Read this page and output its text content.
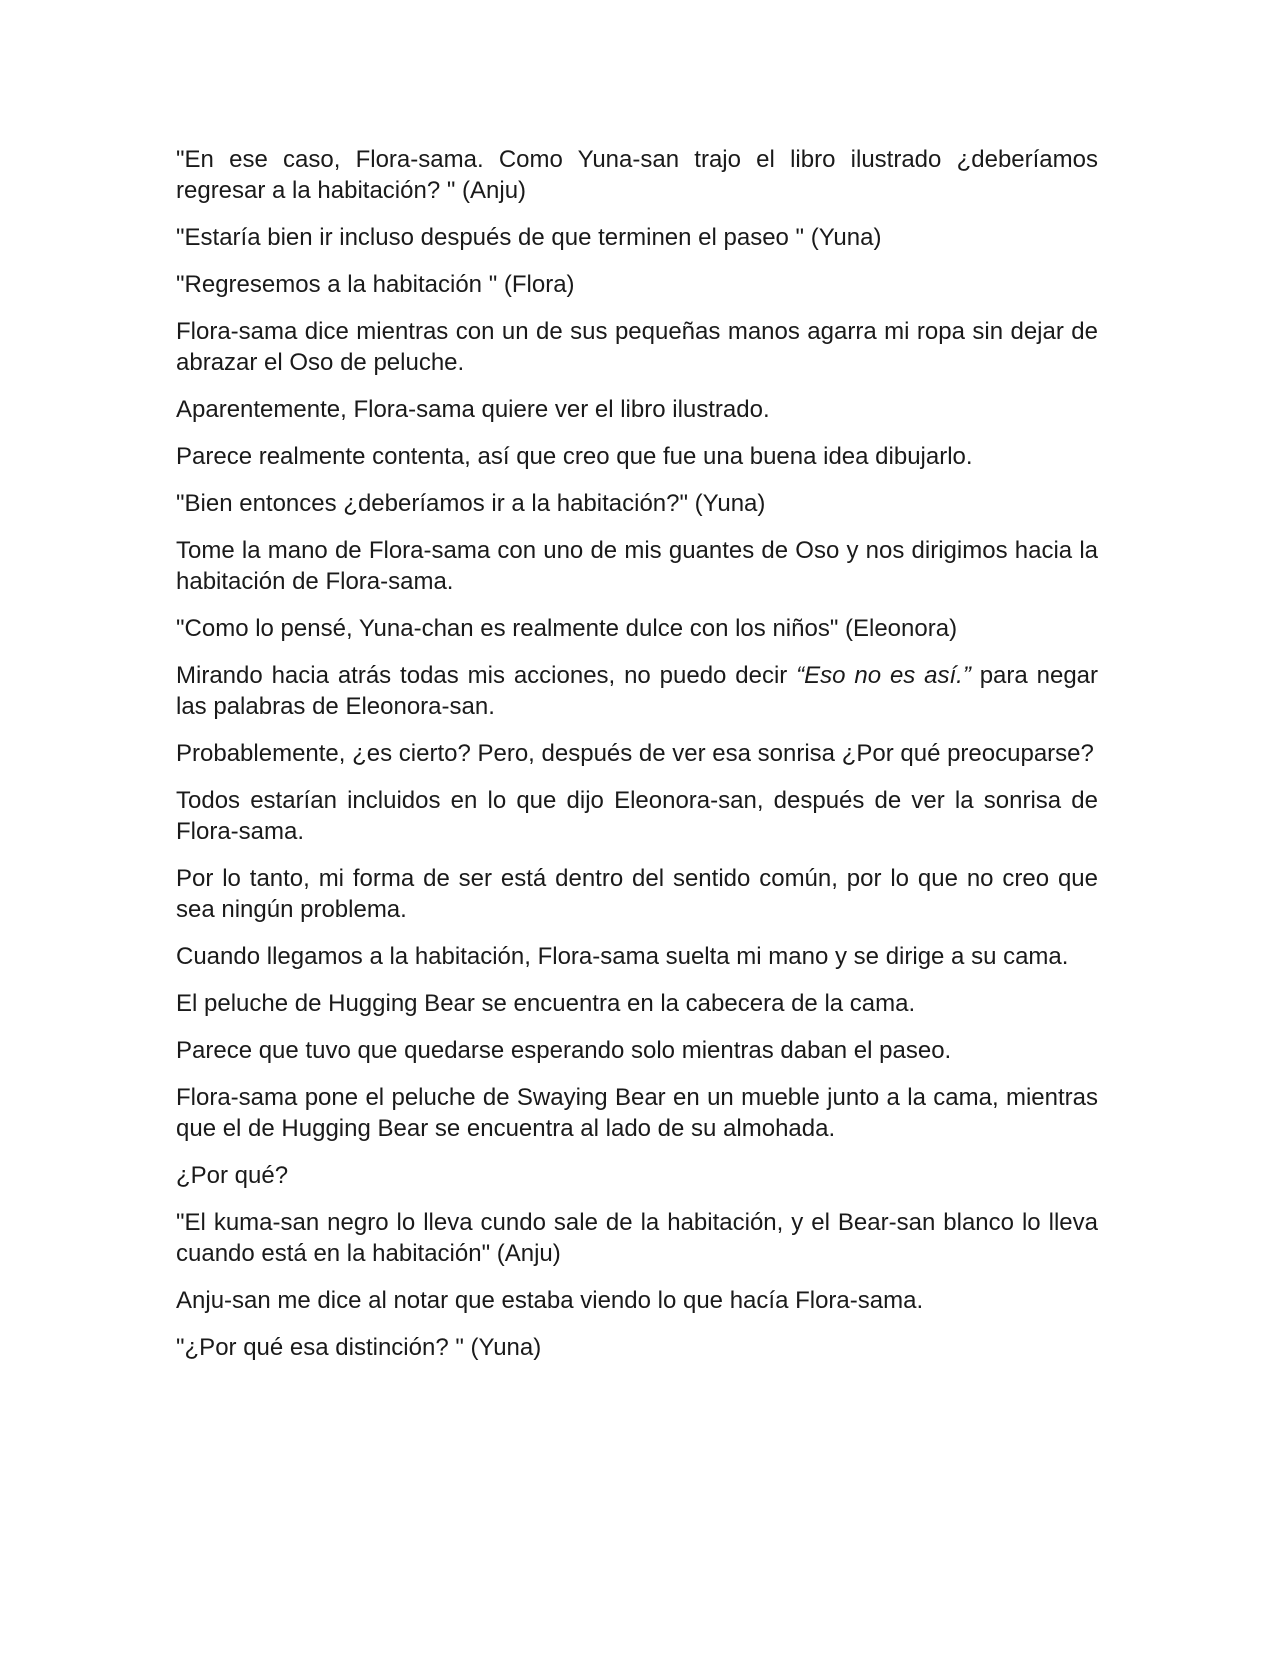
"En ese caso, Flora-sama. Como Yuna-san trajo el libro ilustrado ¿deberíamos regresar a la habitación? " (Anju)

"Estaría bien ir incluso después de que terminen el paseo " (Yuna)

"Regresemos a la habitación " (Flora)

Flora-sama dice mientras con un de sus pequeñas manos agarra mi ropa sin dejar de abrazar el Oso de peluche.

Aparentemente, Flora-sama quiere ver el libro ilustrado.

Parece realmente contenta, así que creo que fue una buena idea dibujarlo.

"Bien entonces ¿deberíamos ir a la habitación?" (Yuna)

Tome la mano de Flora-sama con uno de mis guantes de Oso y nos dirigimos hacia la habitación de Flora-sama.

"Como lo pensé, Yuna-chan es realmente dulce con los niños" (Eleonora)

Mirando hacia atrás todas mis acciones, no puedo decir “Eso no es así.” para negar las palabras de Eleonora-san.

Probablemente, ¿es cierto? Pero, después de ver esa sonrisa ¿Por qué preocuparse?

Todos estarían incluidos en lo que dijo Eleonora-san, después de ver la sonrisa de Flora-sama.

Por lo tanto, mi forma de ser está dentro del sentido común, por lo que no creo que sea ningún problema.

Cuando llegamos a la habitación, Flora-sama suelta mi mano y se dirige a su cama.

El peluche de Hugging Bear se encuentra en la cabecera de la cama.

Parece que tuvo que quedarse esperando solo mientras daban el paseo.

Flora-sama pone el peluche de Swaying Bear en un mueble junto a la cama, mientras que el de Hugging Bear se encuentra al lado de su almohada.

¿Por qué?

"El kuma-san negro lo lleva cundo sale de la habitación, y el Bear-san blanco lo lleva cuando está en la habitación" (Anju)

Anju-san me dice al notar que estaba viendo lo que hacía Flora-sama.

"¿Por qué esa distinción? " (Yuna)
